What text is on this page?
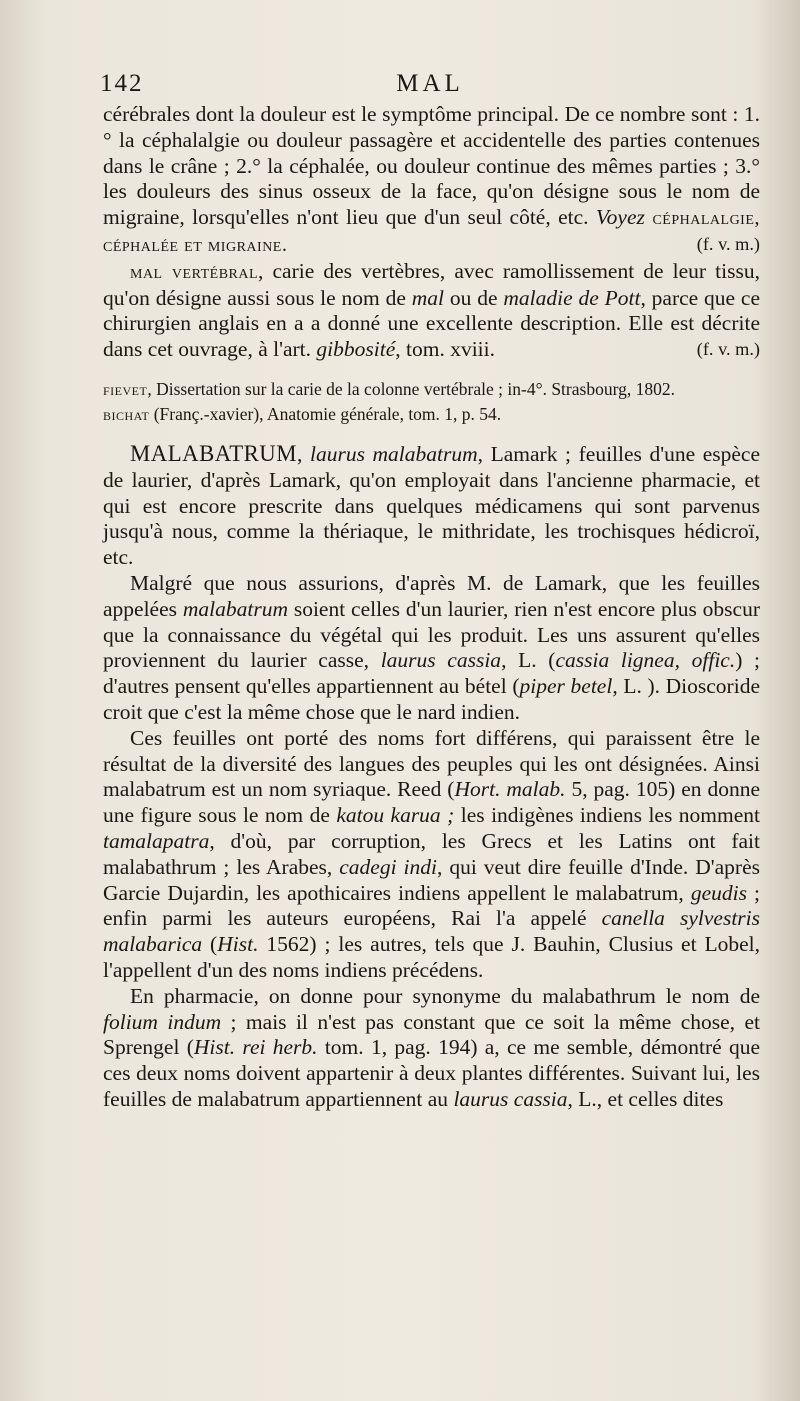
142	MAL

cérébrales dont la douleur est le symptôme principal. De ce nombre sont : 1.° la céphalalgie ou douleur passagère et accidentelle des parties contenues dans le crâne ; 2.° la céphalée, ou douleur continue des mêmes parties ; 3.° les douleurs des sinus osseux de la face, qu'on désigne sous le nom de migraine, lorsqu'elles n'ont lieu que d'un seul côté, etc. Voyez céphalalgie, céphalée et migraine.	(f. v. m.)

mal vertébral, carie des vertèbres, avec ramollissement de leur tissu, qu'on désigne aussi sous le nom de mal ou de maladie de Pott, parce que ce chirurgien anglais en a a donné une excellente description. Elle est décrite dans cet ouvrage, à l'art. gibbosité, tom. xviii.	(f. v. m.)

fievet, Dissertation sur la carie de la colonne vertébrale ; in-4°. Strasbourg, 1802.

bichat (Franç.-xavier), Anatomie générale, tom. 1, p. 54.

MALABATRUM, laurus malabatrum, Lamark ; feuilles d'une espèce de laurier, d'après Lamark, qu'on employait dans l'ancienne pharmacie, et qui est encore prescrite dans quelques médicamens qui sont parvenus jusqu'à nous, comme la thériaque, le mithridate, les trochisques hédicroï, etc.

Malgré que nous assurions, d'après M. de Lamark, que les feuilles appelées malabatrum soient celles d'un laurier, rien n'est encore plus obscur que la connaissance du végétal qui les produit. Les uns assurent qu'elles proviennent du laurier casse, laurus cassia, L. (cassia lignea, offic.) ; d'autres pensent qu'elles appartiennent au bétel (piper betel, L. ). Dioscoride croit que c'est la même chose que le nard indien.

Ces feuilles ont porté des noms fort différens, qui paraissent être le résultat de la diversité des langues des peuples qui les ont désignées. Ainsi malabatrum est un nom syriaque. Reed (Hort. malab. 5, pag. 105) en donne une figure sous le nom de katou karua ; les indigènes indiens les nomment tamalapatra, d'où, par corruption, les Grecs et les Latins ont fait malabathrum ; les Arabes, cadegi indi, qui veut dire feuille d'Inde. D'après Garcie Dujardin, les apothicaires indiens appellent le malabatrum, geudis ; enfin parmi les auteurs européens, Rai l'a appelé canella sylvestris malabarica (Hist. 1562) ; les autres, tels que J. Bauhin, Clusius et Lobel, l'appellent d'un des noms indiens précédens.

En pharmacie, on donne pour synonyme du malabathrum le nom de folium indum ; mais il n'est pas constant que ce soit la même chose, et Sprengel (Hist. rei herb. tom. 1, pag. 194) a, ce me semble, démontré que ces deux noms doivent appartenir à deux plantes différentes. Suivant lui, les feuilles de malabatrum appartiennent au laurus cassia, L., et celles dites
